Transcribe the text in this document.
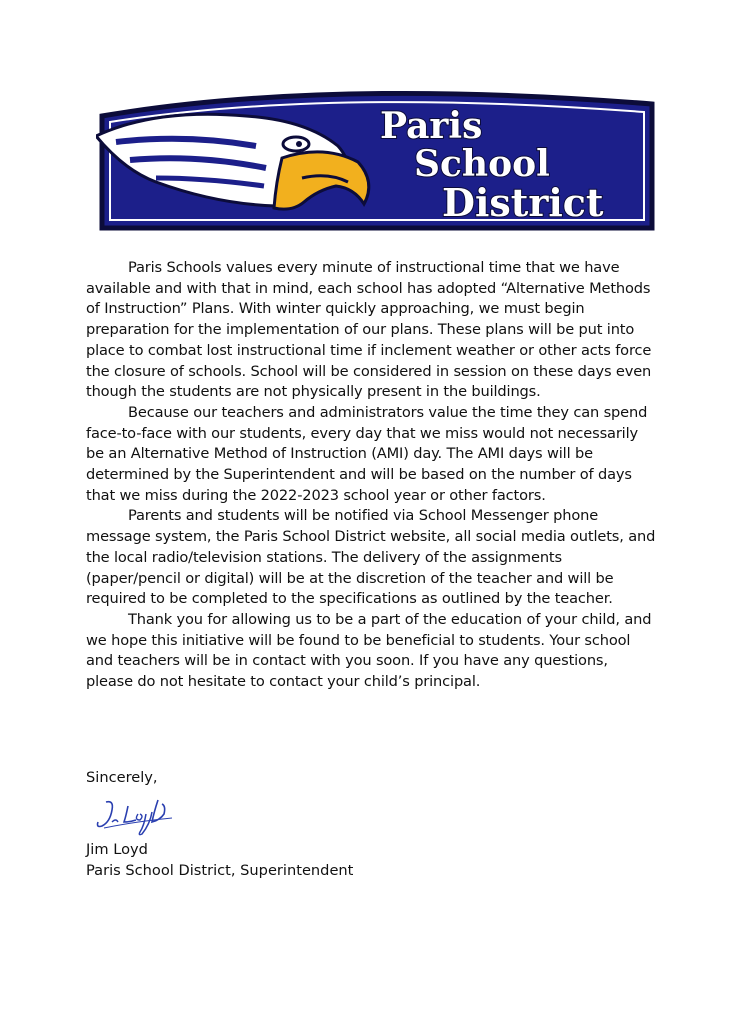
Paris
School
District

Paris Schools values every minute of instructional time that we have available and with that in mind, each school has adopted “Alternative Methods of Instruction” Plans. With winter quickly approaching, we must begin preparation for the implementation of our plans. These plans will be put into place to combat lost instructional time if inclement weather or other acts force the closure of schools. School will be considered in session on these days even though the students are not physically present in the buildings.

Because our teachers and administrators value the time they can spend face-to-face with our students, every day that we miss would not necessarily be an Alternative Method of Instruction (AMI) day. The AMI days will be determined by the Superintendent and will be based on the number of days that we miss during the 2022-2023 school year or other factors.

Parents and students will be notified via School Messenger phone message system, the Paris School District website, all social media outlets, and the local radio/television stations. The delivery of the assignments (paper/pencil or digital) will be at the discretion of the teacher and will be required to be completed to the specifications as outlined by the teacher.

Thank you for allowing us to be a part of the education of your child, and we hope this initiative will be found to be beneficial to students. Your school and teachers will be in contact with you soon. If you have any questions, please do not hesitate to contact your child’s principal.

Sincerely,
Jim Loyd
Paris School District, Superintendent
